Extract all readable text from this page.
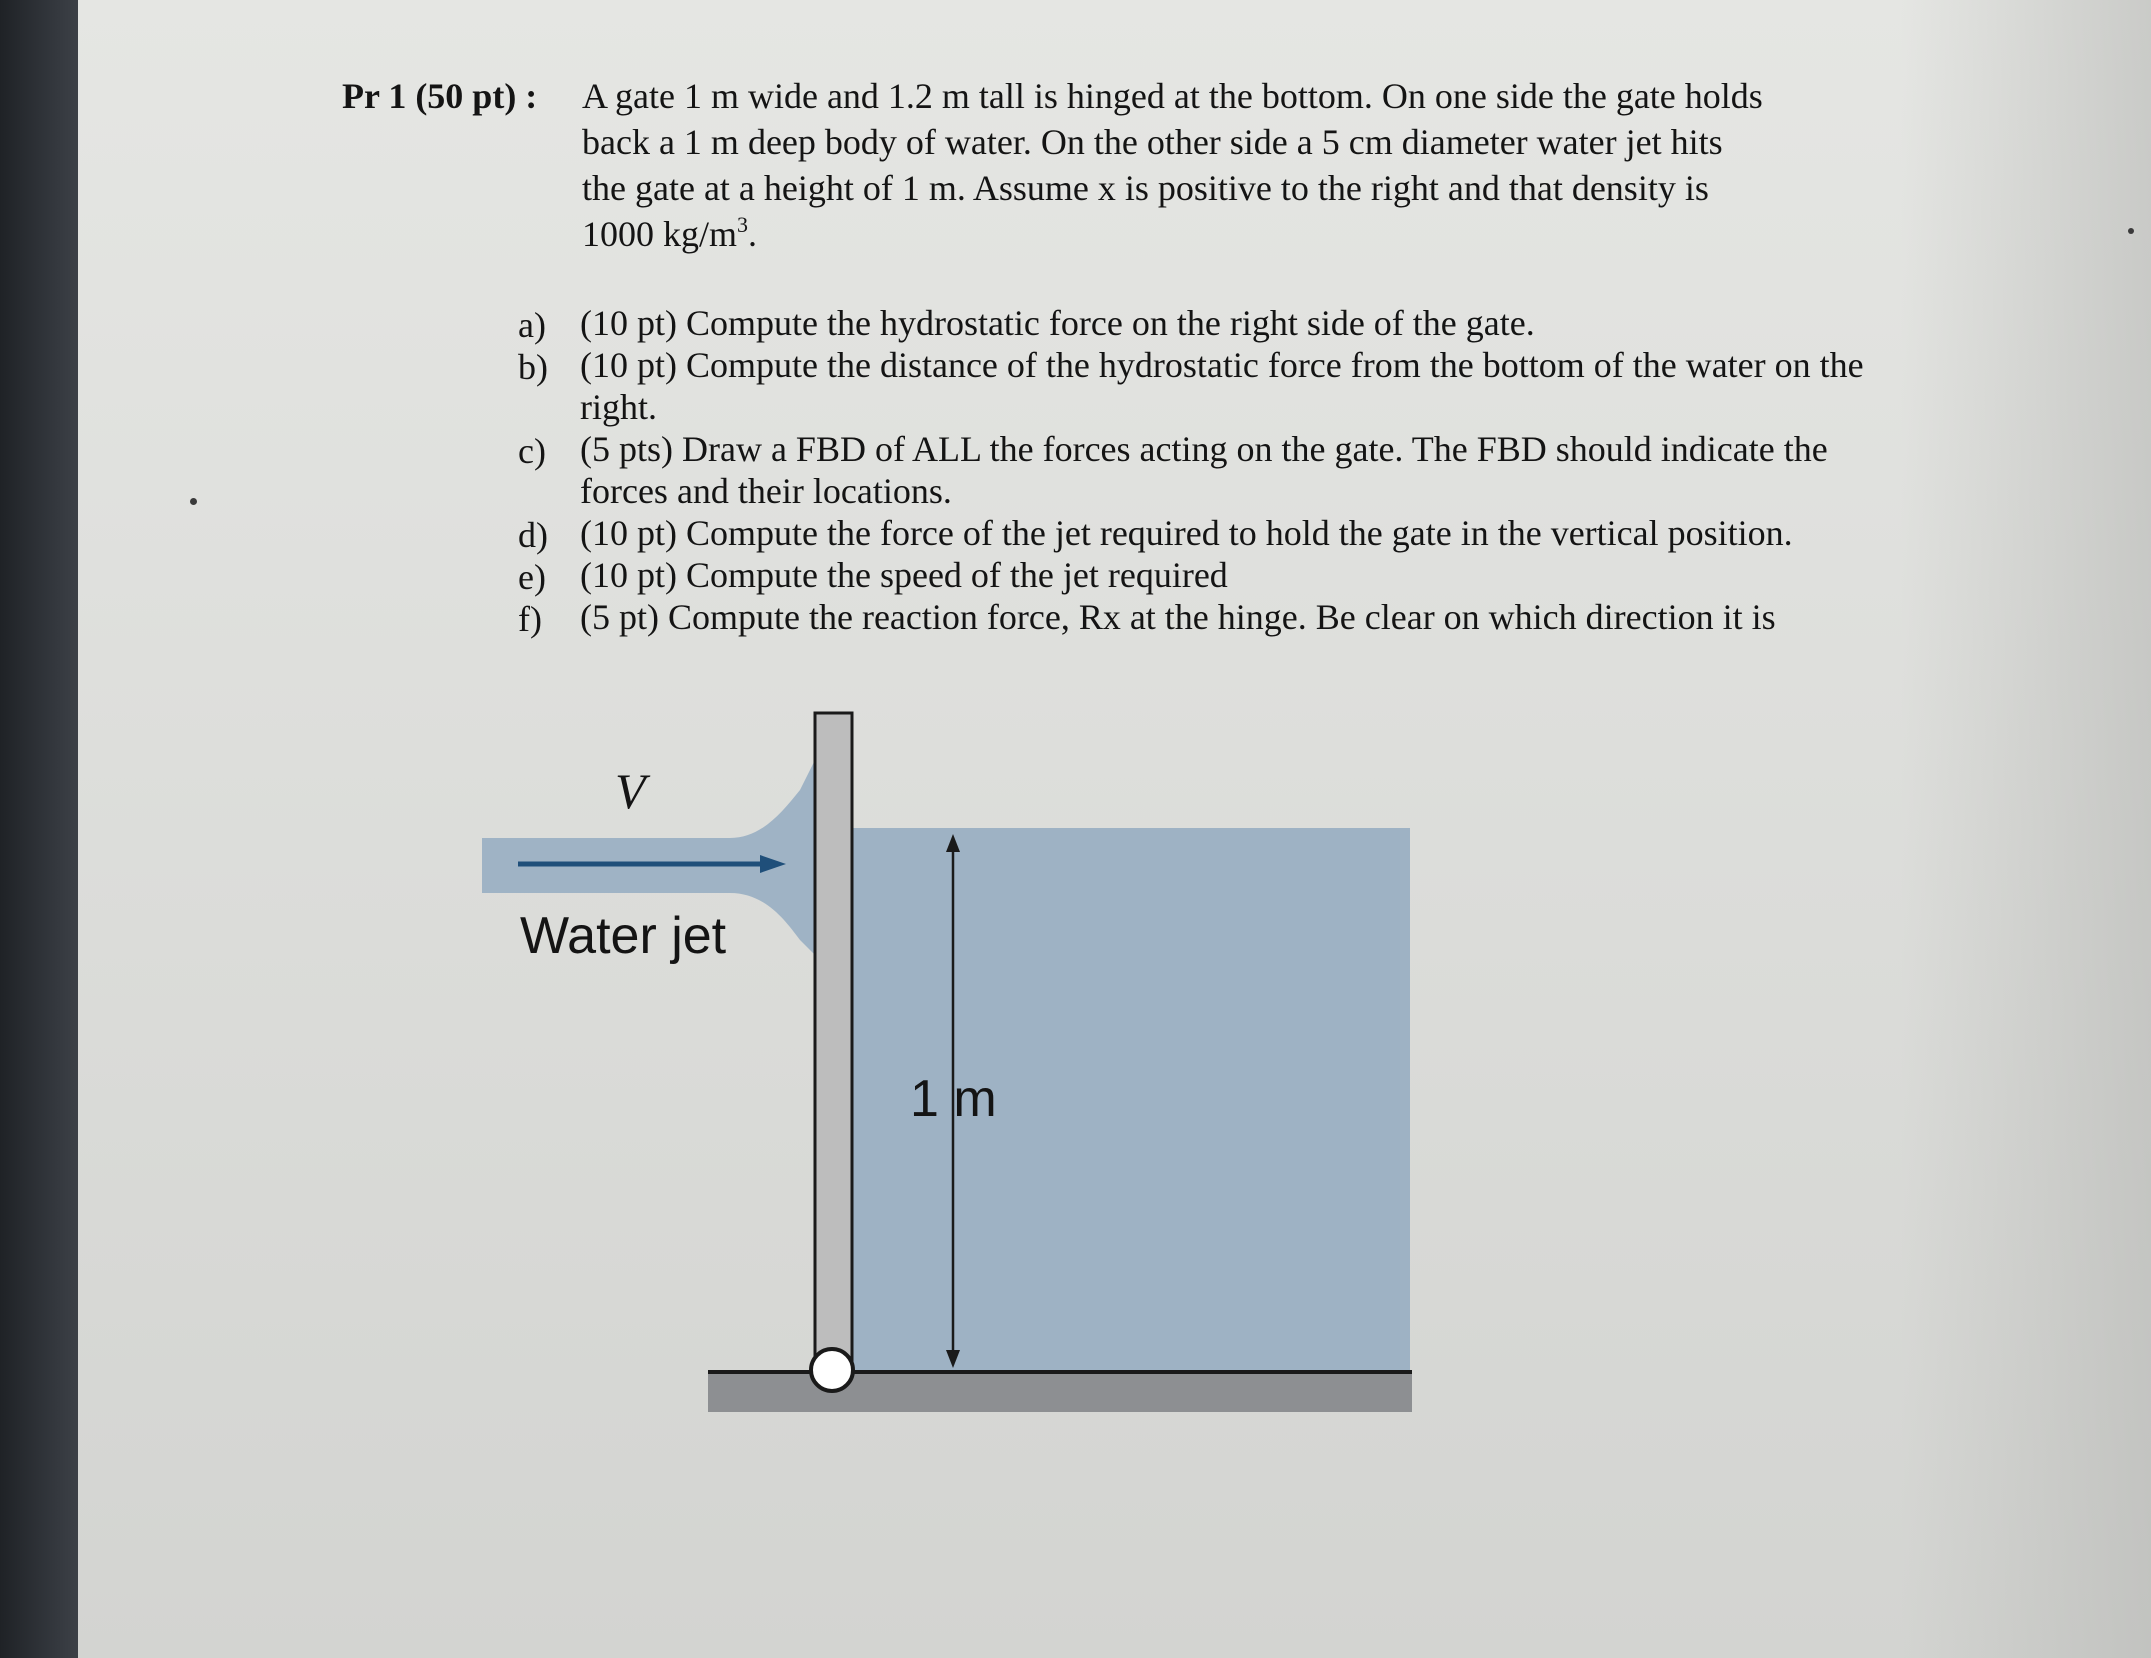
Pr 1 (50 pt) : A gate 1 m wide and 1.2 m tall is hinged at the bottom. On one side the gate holds

back a 1 m deep body of water. On the other side a 5 cm diameter water jet hits

the gate at a height of 1 m. Assume x is positive to the right and that density is

1000 $kg/m^3$.

a) (10 pt) Compute the hydrostatic force on the right side of the gate.
b) (10 pt) Compute the distance of the hydrostatic force from the bottom of the water on the
right.
c) (5 pts) Draw a FBD of ALL the forces acting on the gate. The FBD should indicate the
forces and their locations.
d) (10 pt) Compute the force of the jet required to hold the gate in the vertical position.
e) (10 pt) Compute the speed of the jet required
f) (5 pt) Compute the reaction force, Rx at the hinge. Be clear on which direction it is
V
Water jet
1 m
